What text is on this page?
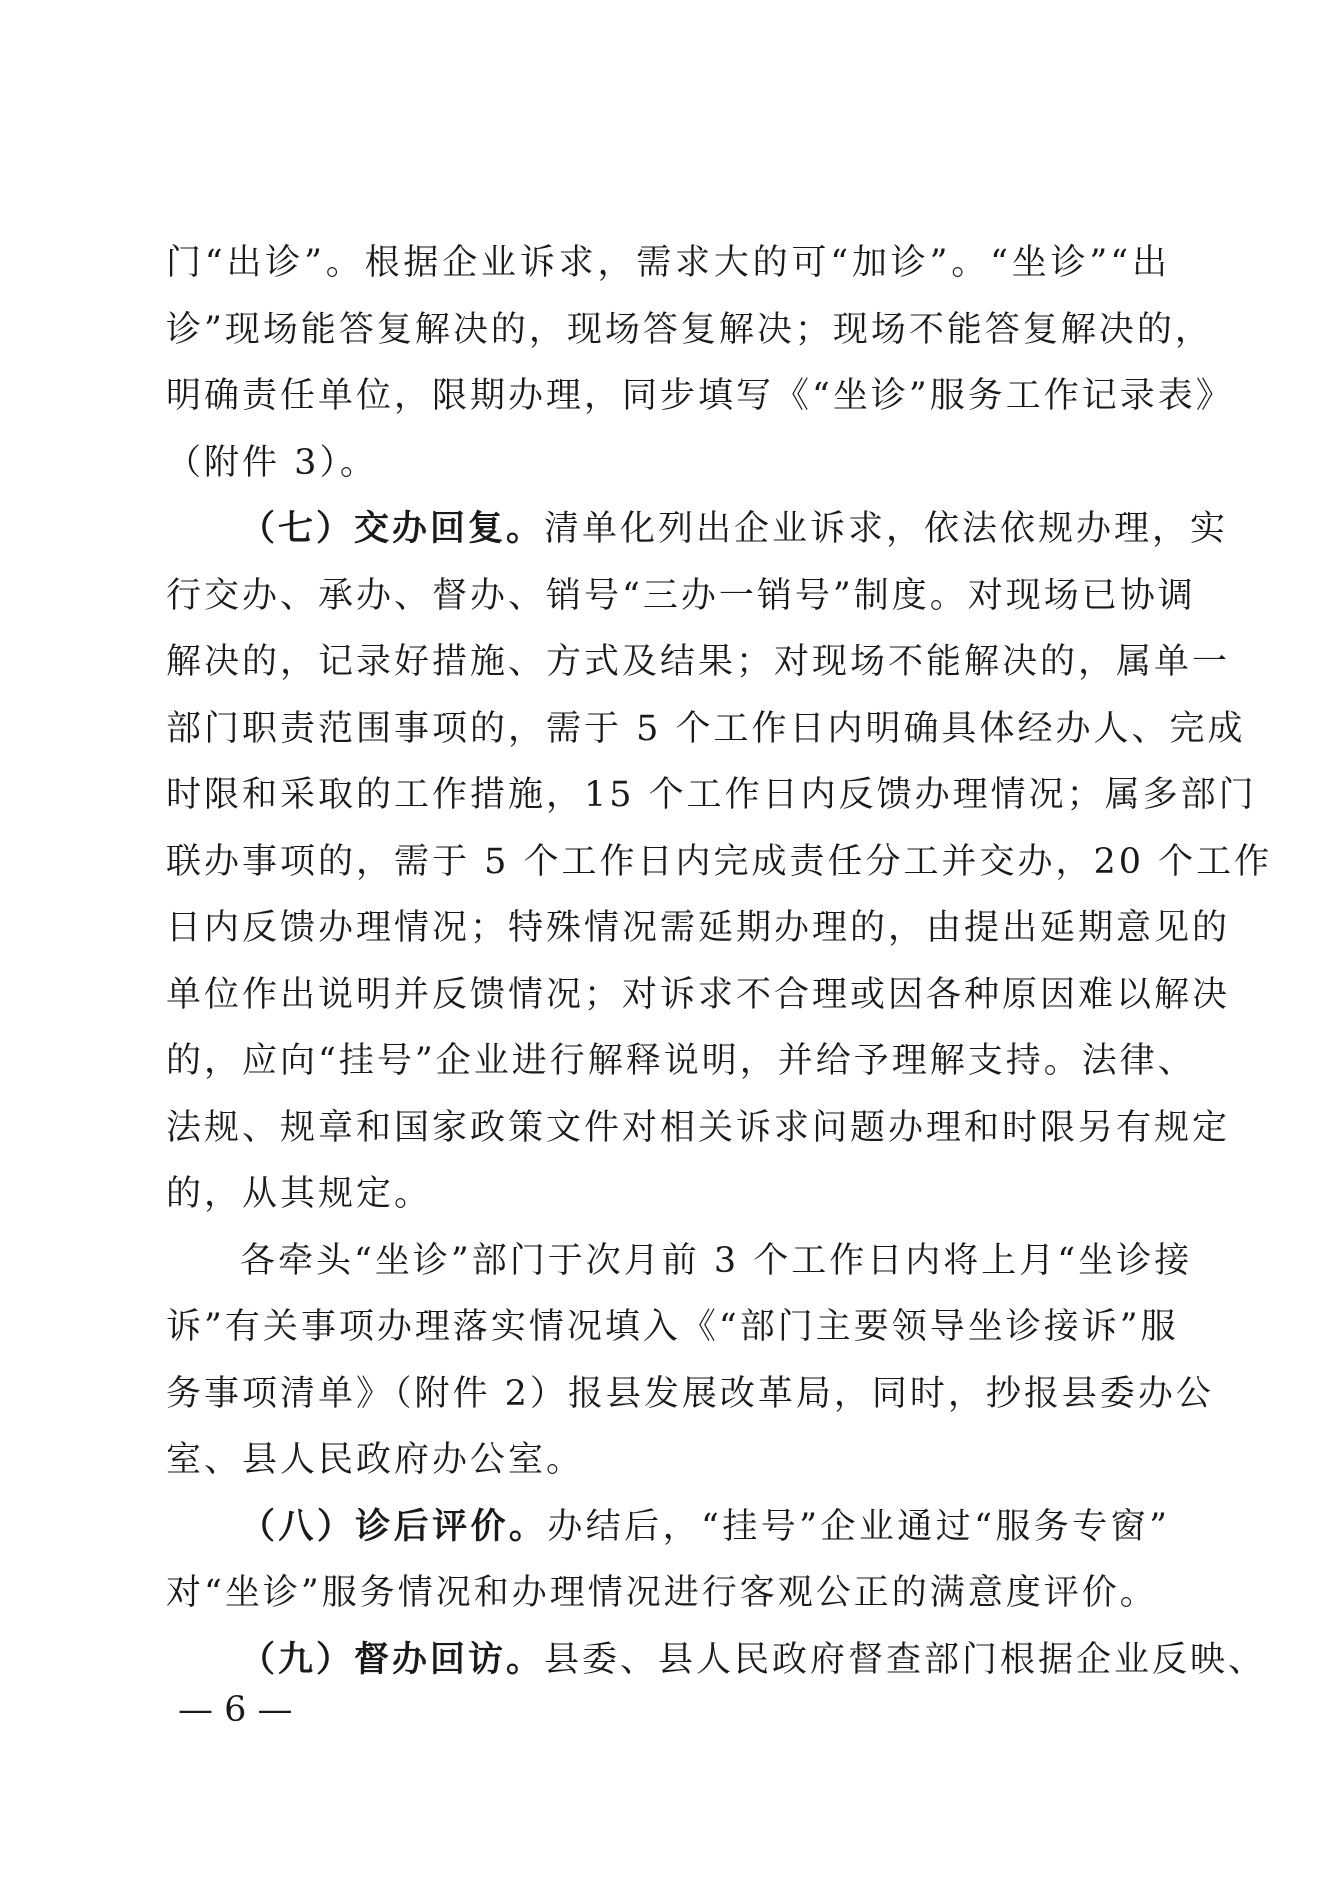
门“出诊”。根据企业诉求，需求大的可“加诊”。“坐诊”“出
诊”现场能答复解决的，现场答复解决；现场不能答复解决的，
明确责任单位，限期办理，同步填写《“坐诊”服务工作记录表》
（附件 3）。
（七）交办回复。清单化列出企业诉求，依法依规办理，实
行交办、承办、督办、销号“三办一销号”制度。对现场已协调
解决的，记录好措施、方式及结果；对现场不能解决的，属单一
部门职责范围事项的，需于 5 个工作日内明确具体经办人、完成
时限和采取的工作措施，15 个工作日内反馈办理情况；属多部门
联办事项的，需于 5 个工作日内完成责任分工并交办，20 个工作
日内反馈办理情况；特殊情况需延期办理的，由提出延期意见的
单位作出说明并反馈情况；对诉求不合理或因各种原因难以解决
的，应向“挂号”企业进行解释说明，并给予理解支持。法律、
法规、规章和国家政策文件对相关诉求问题办理和时限另有规定
的，从其规定。
各牵头“坐诊”部门于次月前 3 个工作日内将上月“坐诊接
诉”有关事项办理落实情况填入《“部门主要领导坐诊接诉”服
务事项清单》（附件 2）报县发展改革局，同时，抄报县委办公
室、县人民政府办公室。
（八）诊后评价。办结后，“挂号”企业通过“服务专窗”
对“坐诊”服务情况和办理情况进行客观公正的满意度评价。
（九）督办回访。县委、县人民政府督查部门根据企业反映、
— 6 —
